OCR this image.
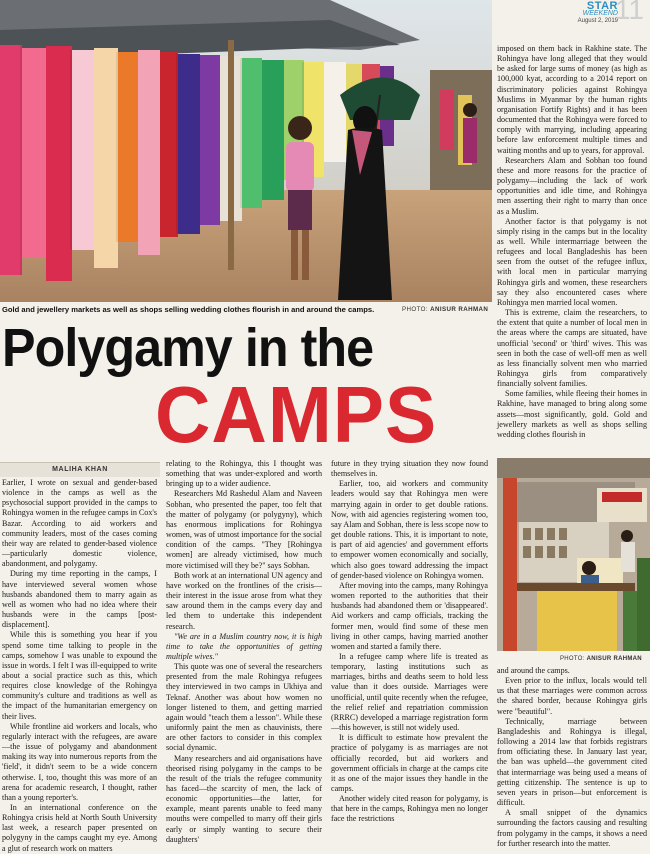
STAR
WEEKEND
August 2, 2019
11
Gold and jewellery markets as well as shops selling wedding clothes flourish in and around the camps.	PHOTO: ANISUR RAHMAN
Polygamy in the
CAMPS
MALIHA KHAN

Earlier, I wrote on sexual and gender-based violence in the camps as well as the psychosocial support provided in the camps to Rohingya women in the refugee camps in Cox's Bazar. According to aid workers and community leaders, most of the cases coming their way are related to gender-based violence—particularly domestic violence, abandonment, and polygamy.

During my time reporting in the camps, I have interviewed several women whose husbands abandoned them to marry again as well as women who had no idea where their husbands were in the camps [post-displacement].

While this is something you hear if you spend some time talking to people in the camps, somehow I was unable to expound the issue in words. I felt I was ill-equipped to write about a social practice such as this, which requires close knowledge of the Rohingya community's culture and traditions as well as the impact of the humanitarian emergency on their lives.

While frontline aid workers and locals, who regularly interact with the refugees, are aware—the issue of polygamy and abandonment making its way into numerous reports from the 'field', it didn't seem to be a wide concern otherwise. I, too, thought this was more of an arena for academic research, I thought, rather than a young reporter's.

In an international conference on the Rohingya crisis held at North South University last week, a research paper presented on polygyny in the camps caught my eye. Among a glut of research work on matters

relating to the Rohingya, this I thought was something that was under-explored and worth bringing up to a wider audience.

Researchers Md Rashedul Alam and Naveen Sobhan, who presented the paper, too felt that the matter of polygamy (or polygyny), which has enormous implications for Rohingya women, was of utmost importance for the social condition of the camps. "They [Rohingya women] are already victimised, how much more victimised will they be?" says Sobhan.

Both work at an international UN agency and have worked on the frontlines of the crisis—their interest in the issue arose from what they saw around them in the camps every day and led them to undertake this independent research.

"We are in a Muslim country now, it is high time to take the opportunities of getting multiple wives."

This quote was one of several the researchers presented from the male Rohingya refugees they interviewed in two camps in Ukhiya and Teknaf. Another was about how women no longer listened to them, and getting married again would "teach them a lesson". While these uniformly paint the men as chauvinists, there are other factors to consider in this complex social dynamic.

Many researchers and aid organisations have theorised rising polygamy in the camps to be the result of the trials the refugee community has faced—the scarcity of men, the lack of economic opportunities—the latter, for example, meant parents unable to feed many mouths were compelled to marry off their girls early or simply wanting to secure their daughters'

future in they trying situation they now found themselves in.

Earlier, too, aid workers and community leaders would say that Rohingya men were marrying again in order to get double rations. Now, with aid agencies registering women too, say Alam and Sobhan, there is less scope now to get double rations. This, it is important to note, is part of aid agencies' and government efforts to empower women economically and socially, which also goes toward addressing the impact of gender-based violence on Rohingya women.

After moving into the camps, many Rohingya women reported to the authorities that their husbands had abandoned them or 'disappeared'. Aid workers and camp officials, tracking the former men, would find some of these men living in other camps, having married another women and started a family there.

In a refugee camp where life is treated as temporary, lasting institutions such as marriages, births and deaths seem to hold less value than it does outside. Marriages were unofficial, until quite recently when the refugee, the relief relief and repatriation commission (RRRC) developed a marriage registration form—this however, is still not widely used.

It is difficult to estimate how prevalent the practice of polygamy is as marriages are not officially recorded, but aid workers and government officials in charge at the camps cite it as one of the major issues they handle in the camps.

Another widely cited reason for polygamy, is that here in the camps, Rohingya men no longer face the restrictions

imposed on them back in Rakhine state. The Rohingya have long alleged that they would be asked for large sums of money (as high as 100,000 kyat, according to a 2014 report on discriminatory policies against Rohingya Muslims in Myanmar by the human rights organisation Fortify Rights) and it has been documented that the Rohingya were forced to comply with marrying, including appearing before law enforcement multiple times and waiting months and up to years, for approval.

Researchers Alam and Sobhan too found these and more reasons for the practice of polygamy—including the lack of work opportunities and idle time, and Rohingya men asserting their right to marry than once as a Muslim.

Another factor is that polygamy is not simply rising in the camps but in the locality as well. While intermarriage between the refugees and local Bangladeshis has been seen from the outset of the refugee influx, with local men in particular marrying Rohingya girls and women, these researchers say they also encountered cases where Rohingya men married local women.

This is extreme, claim the researchers, to the extent that quite a number of local men in the areas where the camps are situated, have unofficial 'second' or 'third' wives. This was seen in both the case of well-off men as well as less financially solvent men who married Rohingya girls from comparatively financially solvent families.

Some families, while fleeing their homes in Rakhine, have managed to bring along some assets—most significantly, gold. Gold and jewellery markets as well as shops selling wedding clothes flourish in

PHOTO: ANISUR RAHMAN

and around the camps.

Even prior to the influx, locals would tell us that these marriages were common across the shared border, because Rohingya girls were "beautiful".

Technically, marriage between Bangladeshis and Rohingya is illegal, following a 2014 law that forbids registrars from officiating these. In January last year, the ban was upheld—the government cited that intermarriage was being used a means of getting citizenship. The sentence is up to seven years in prison—but enforcement is difficult.

A small snippet of the dynamics surrounding the factors causing and resulting from polygamy in the camps, it shows a need for further research into the matter.
